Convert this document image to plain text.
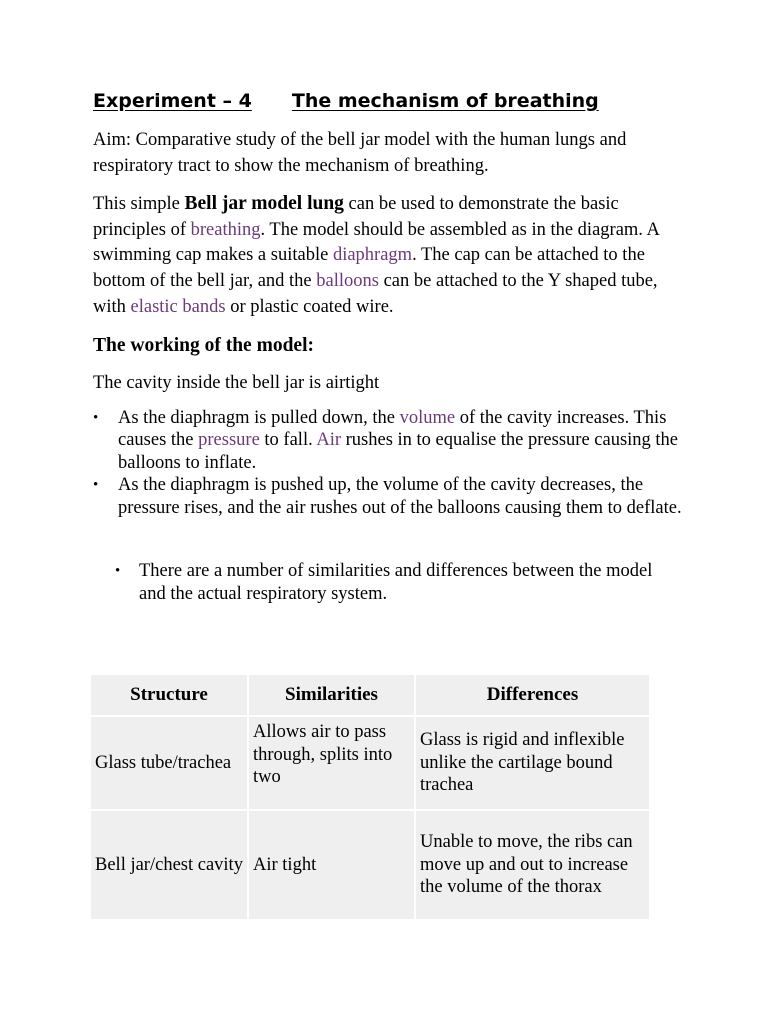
Experiment – 4 The mechanism of breathing

Aim: Comparative study of the bell jar model with the human lungs and respiratory tract to show the mechanism of breathing.

This simple Bell jar model lung can be used to demonstrate the basic principles of breathing. The model should be assembled as in the diagram. A swimming cap makes a suitable diaphragm. The cap can be attached to the bottom of the bell jar, and the balloons can be attached to the Y shaped tube, with elastic bands or plastic coated wire.

The working of the model:

The cavity inside the bell jar is airtight

• As the diaphragm is pulled down, the volume of the cavity increases. This causes the pressure to fall. Air rushes in to equalise the pressure causing the balloons to inflate.
• As the diaphragm is pushed up, the volume of the cavity decreases, the pressure rises, and the air rushes out of the balloons causing them to deflate.
• There are a number of similarities and differences between the model and the actual respiratory system.
Structure	Similarities	Differences
Glass tube/trachea	Allows air to pass through, splits into two	Glass is rigid and inflexible unlike the cartilage bound trachea
Bell jar/chest cavity	Air tight	Unable to move, the ribs can move up and out to increase the volume of the thorax
